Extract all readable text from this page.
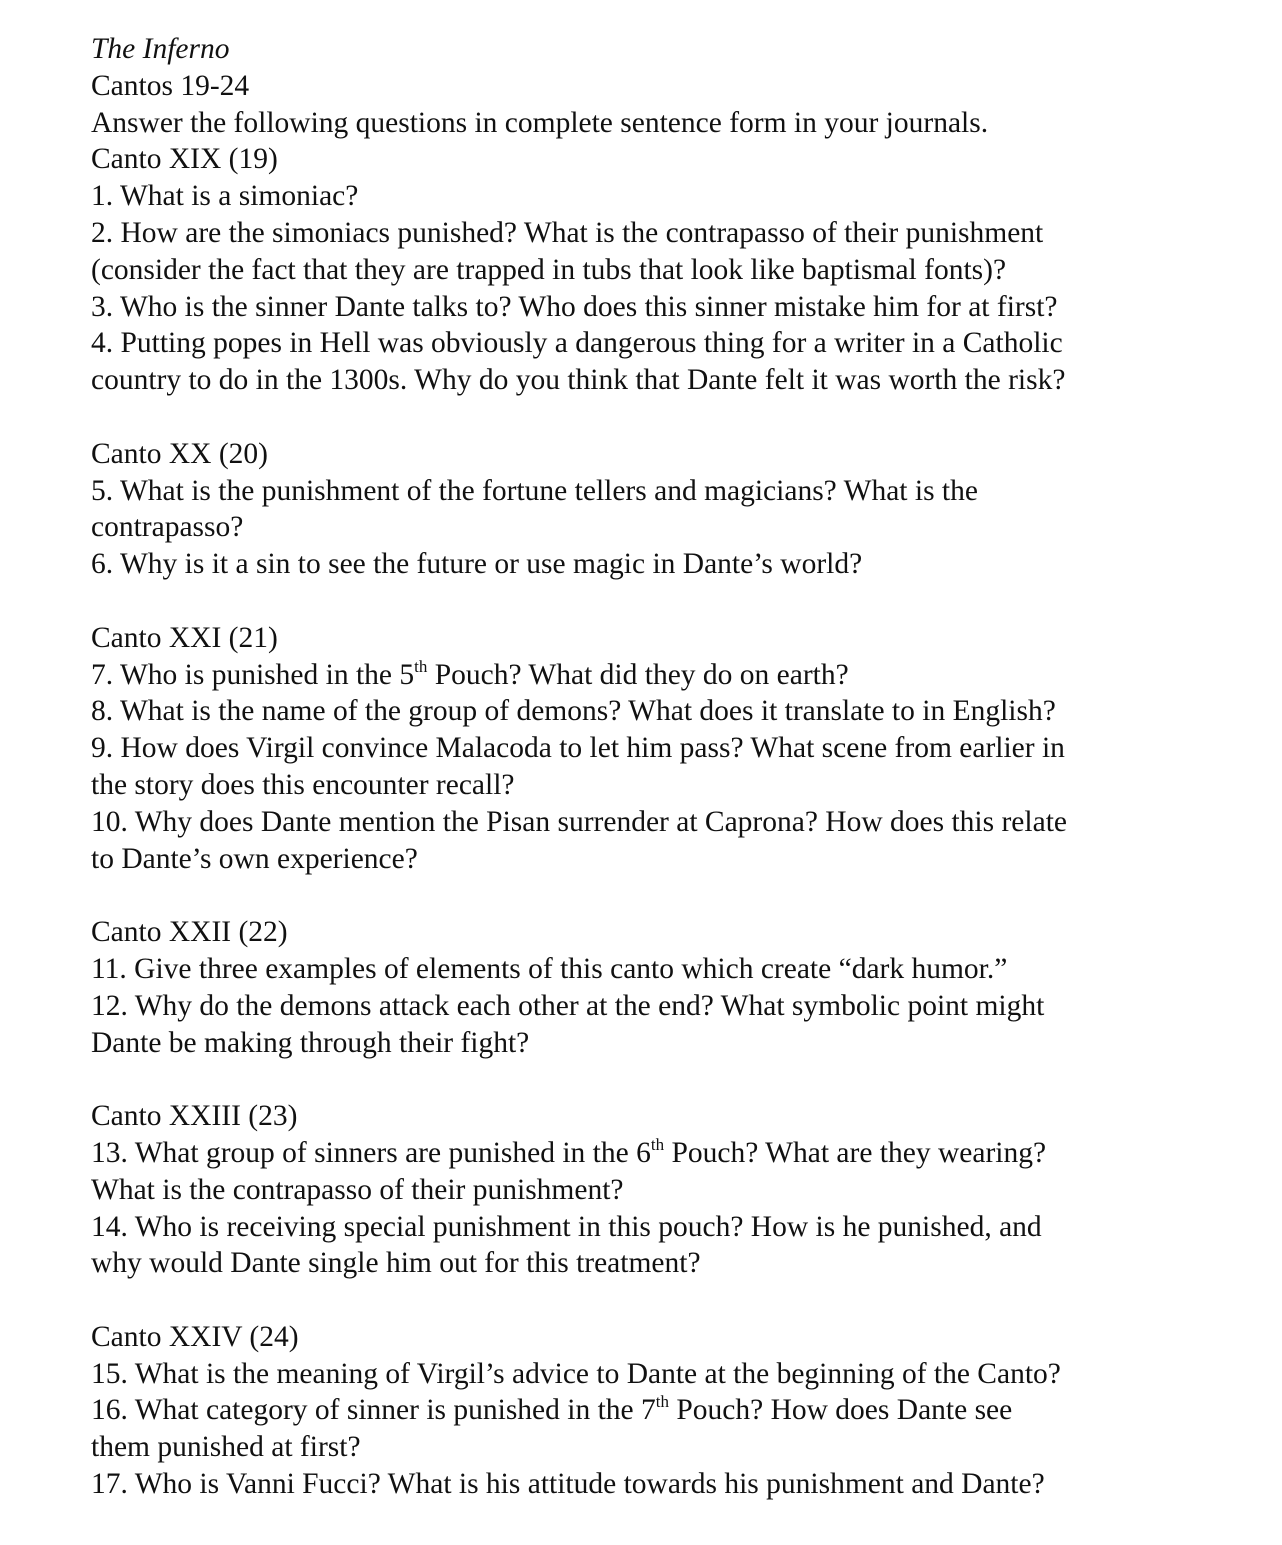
The Inferno
Cantos 19-24
Answer the following questions in complete sentence form in your journals.
Canto XIX (19)
1. What is a simoniac?
2. How are the simoniacs punished? What is the contrapasso of their punishment
(consider the fact that they are trapped in tubs that look like baptismal fonts)?
3. Who is the sinner Dante talks to? Who does this sinner mistake him for at first?
4. Putting popes in Hell was obviously a dangerous thing for a writer in a Catholic
country to do in the 1300s. Why do you think that Dante felt it was worth the risk?
Canto XX (20)
5. What is the punishment of the fortune tellers and magicians? What is the
contrapasso?
6. Why is it a sin to see the future or use magic in Dante’s world?
Canto XXI (21)
7. Who is punished in the 5th Pouch? What did they do on earth?
8. What is the name of the group of demons? What does it translate to in English?
9. How does Virgil convince Malacoda to let him pass? What scene from earlier in
the story does this encounter recall?
10. Why does Dante mention the Pisan surrender at Caprona? How does this relate
to Dante’s own experience?
Canto XXII (22)
11. Give three examples of elements of this canto which create “dark humor.”
12. Why do the demons attack each other at the end? What symbolic point might
Dante be making through their fight?
Canto XXIII (23)
13. What group of sinners are punished in the 6th Pouch? What are they wearing?
What is the contrapasso of their punishment?
14. Who is receiving special punishment in this pouch? How is he punished, and
why would Dante single him out for this treatment?
Canto XXIV (24)
15. What is the meaning of Virgil’s advice to Dante at the beginning of the Canto?
16. What category of sinner is punished in the 7th Pouch? How does Dante see
them punished at first?
17. Who is Vanni Fucci? What is his attitude towards his punishment and Dante?
